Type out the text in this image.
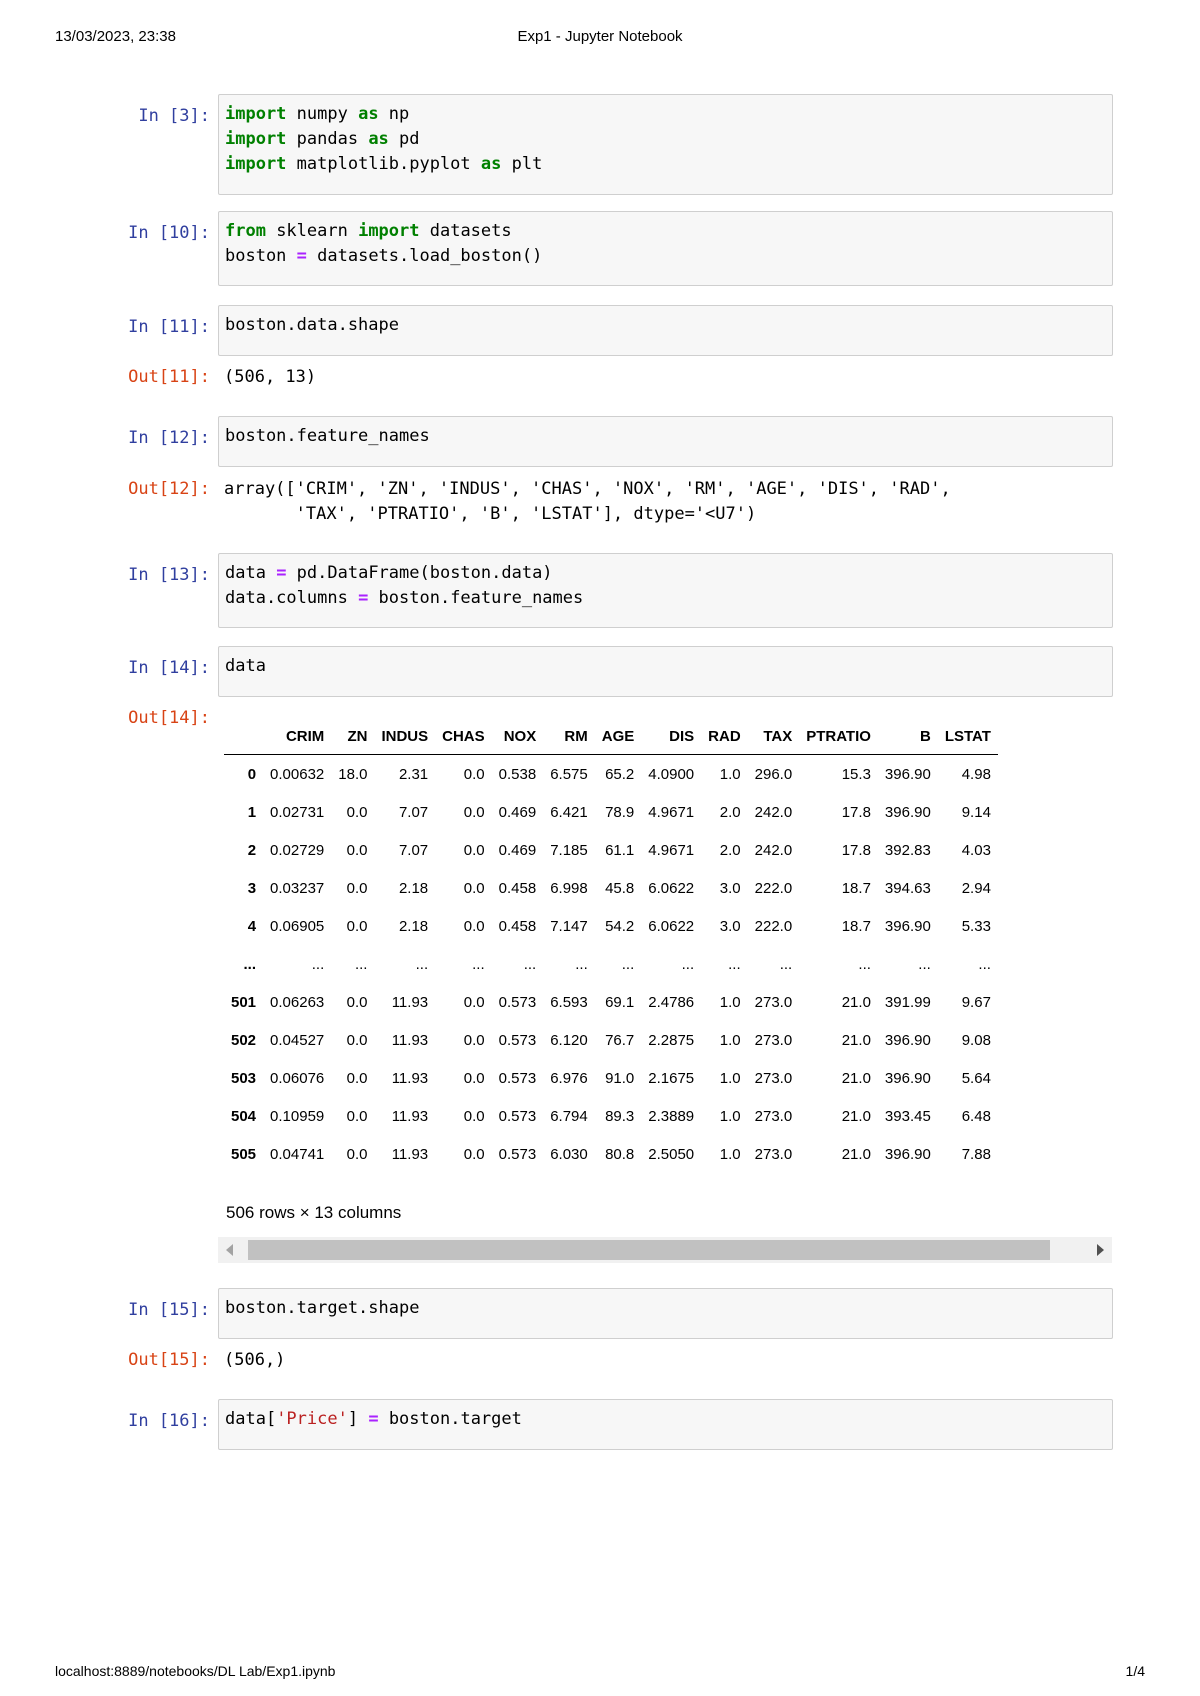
13/03/2023, 23:38	Exp1 - Jupyter Notebook
In [3]: import numpy as np
import pandas as pd
import matplotlib.pyplot as plt
In [10]: from sklearn import datasets
boston = datasets.load_boston()
In [11]: boston.data.shape
Out[11]: (506, 13)
In [12]: boston.feature_names
Out[12]: array(['CRIM', 'ZN', 'INDUS', 'CHAS', 'NOX', 'RM', 'AGE', 'DIS', 'RAD',
'TAX', 'PTRATIO', 'B', 'LSTAT'], dtype='<U7')
In [13]: data = pd.DataFrame(boston.data)
data.columns = boston.feature_names
In [14]: data
Out[14]:
	CRIM	ZN	INDUS	CHAS	NOX	RM	AGE	DIS	RAD	TAX	PTRATIO	B	LSTAT
0	0.00632	18.0	2.31	0.0	0.538	6.575	65.2	4.0900	1.0	296.0	15.3	396.90	4.98
1	0.02731	0.0	7.07	0.0	0.469	6.421	78.9	4.9671	2.0	242.0	17.8	396.90	9.14
2	0.02729	0.0	7.07	0.0	0.469	7.185	61.1	4.9671	2.0	242.0	17.8	392.83	4.03
3	0.03237	0.0	2.18	0.0	0.458	6.998	45.8	6.0622	3.0	222.0	18.7	394.63	2.94
4	0.06905	0.0	2.18	0.0	0.458	7.147	54.2	6.0622	3.0	222.0	18.7	396.90	5.33
...	...	...	...	...	...	...	...	...	...	...	...	...	...
501	0.06263	0.0	11.93	0.0	0.573	6.593	69.1	2.4786	1.0	273.0	21.0	391.99	9.67
502	0.04527	0.0	11.93	0.0	0.573	6.120	76.7	2.2875	1.0	273.0	21.0	396.90	9.08
503	0.06076	0.0	11.93	0.0	0.573	6.976	91.0	2.1675	1.0	273.0	21.0	396.90	5.64
504	0.10959	0.0	11.93	0.0	0.573	6.794	89.3	2.3889	1.0	273.0	21.0	393.45	6.48
505	0.04741	0.0	11.93	0.0	0.573	6.030	80.8	2.5050	1.0	273.0	21.0	396.90	7.88
506 rows × 13 columns
In [15]: boston.target.shape
Out[15]: (506,)
In [16]: data['Price'] = boston.target
localhost:8889/notebooks/DL Lab/Exp1.ipynb	1/4
